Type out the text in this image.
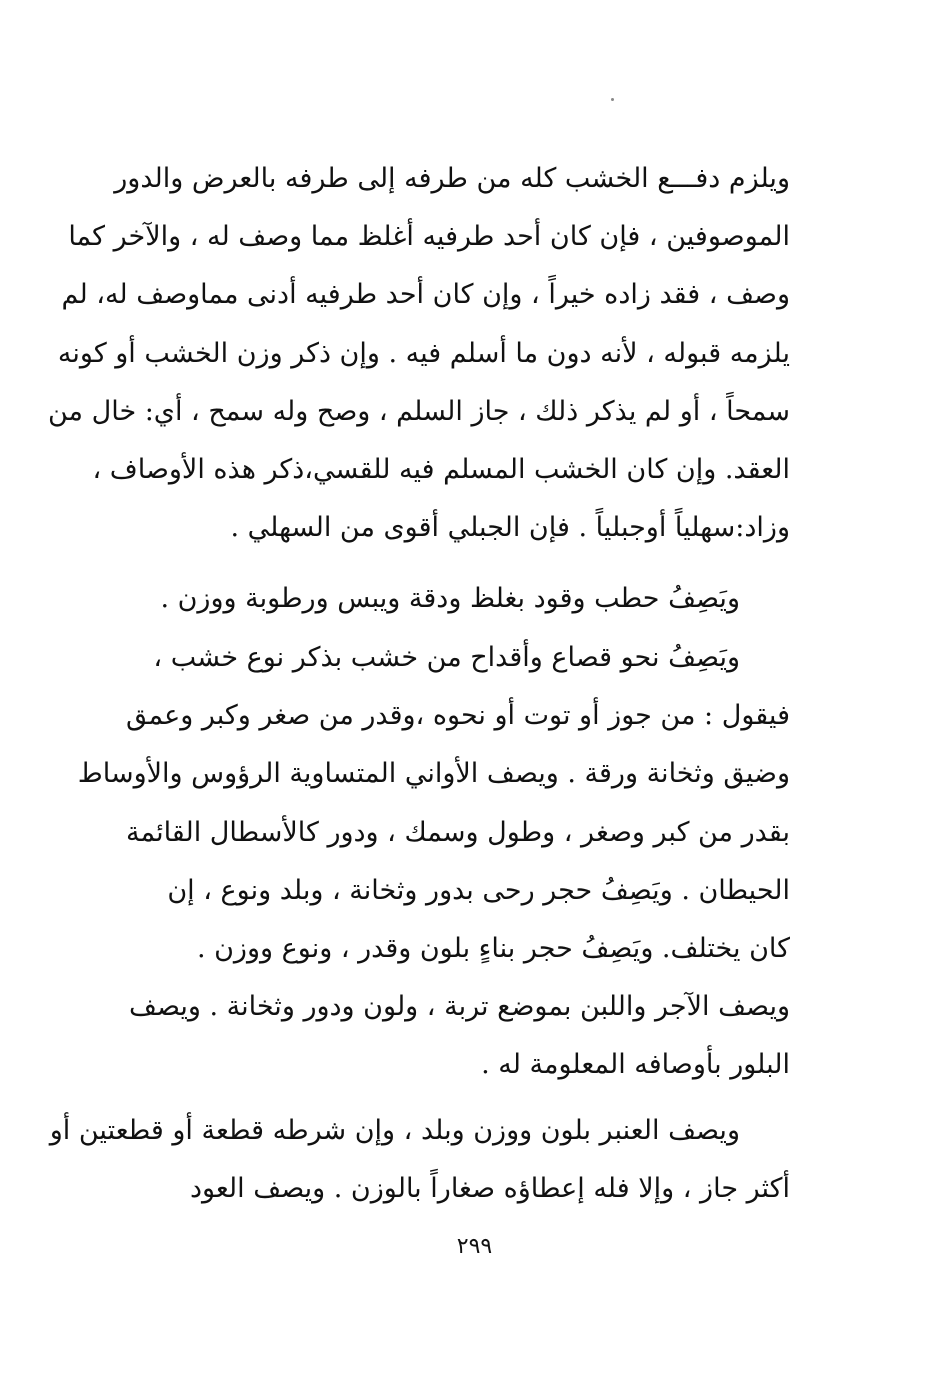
ويلزم دفـــع الخشب كله من طرفه إلى طرفه بالعرض والدور
الموصوفين ، فإن كان أحد طرفيه أغلظ مما وصف له ، والآخر كما
وصف ، فقد زاده خيراً ، وإن كان أحد طرفيه أدنى مماوصف له، لم
يلزمه قبوله ، لأنه دون ما أسلم فيه . وإن ذكر وزن الخشب أو كونه
سمحاً ، أو لم يذكر ذلك ، جاز السلم ، وصح وله سمح ، أي: خال من
العقد. وإن كان الخشب المسلم فيه للقسي،ذكر هذه الأوصاف ،
وزاد:سهلياً أوجبلياً . فإن الجبلي أقوى من السهلي .
ويَصِفُ حطب وقود بغلظ ودقة ويبس ورطوبة ووزن .
ويَصِفُ نحو قصاع وأقداح من خشب بذكر نوع خشب ،
فيقول : من جوز أو توت أو نحوه ،وقدر من صغر وكبر وعمق
وضيق وثخانة ورقة . ويصف الأواني المتساوية الرؤوس والأوساط
بقدر من كبر وصغر ، وطول وسمك ، ودور كالأسطال القائمة
الحيطان . ويَصِفُ حجر رحى بدور وثخانة ، وبلد ونوع ، إن
كان يختلف. ويَصِفُ حجر بناءٍ بلون وقدر ، ونوع ووزن .
ويصف الآجر واللبن بموضع تربة ، ولون ودور وثخانة . ويصف
البلور بأوصافه المعلومة له .
ويصف العنبر بلون ووزن وبلد ، وإن شرطه قطعة أو قطعتين أو
أكثر جاز ، وإلا فله إعطاؤه صغاراً بالوزن . ويصف العود
٢٩٩
